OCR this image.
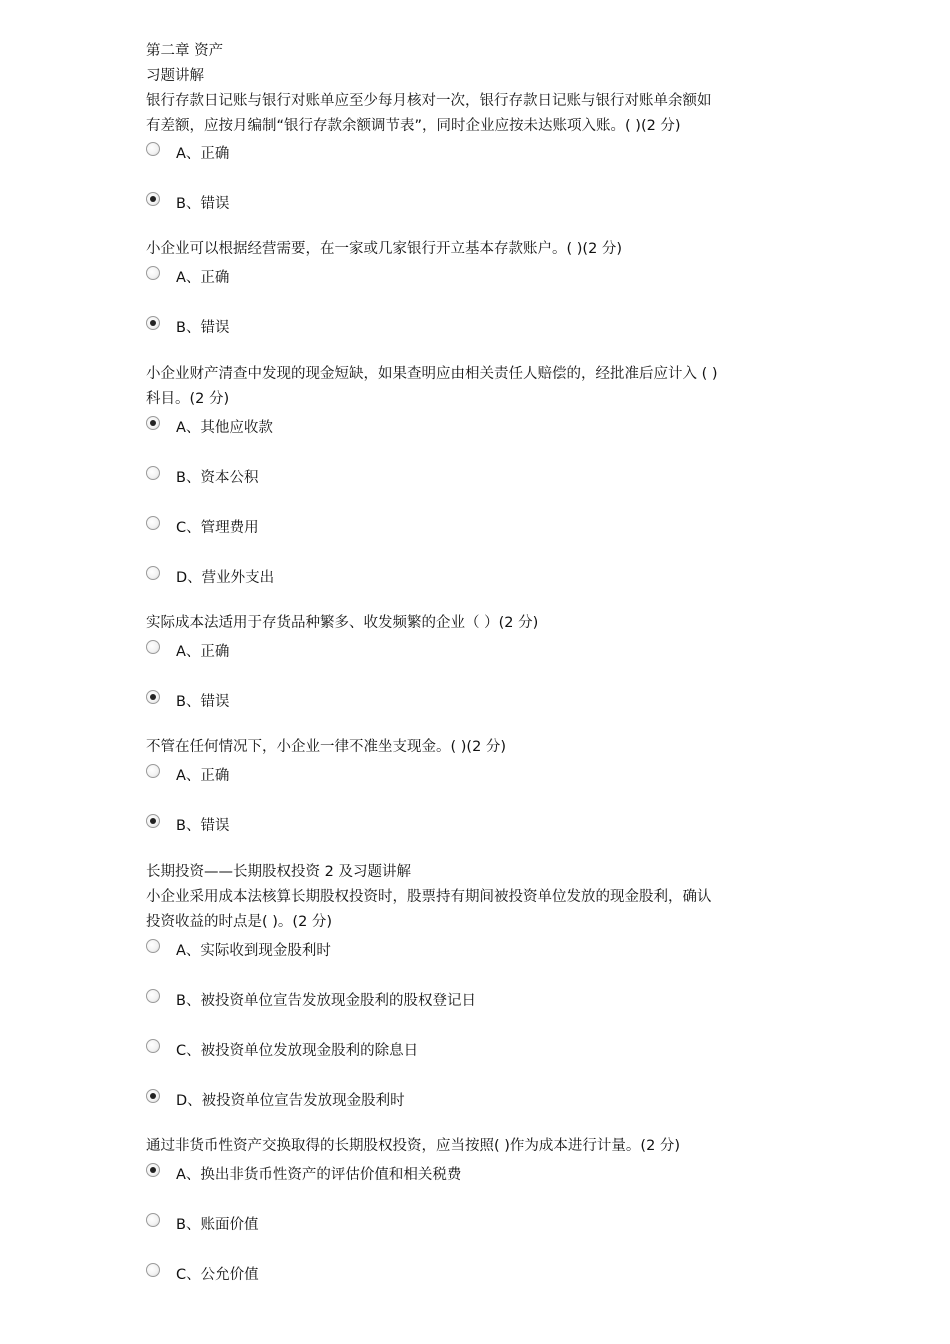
第二章 资产
习题讲解
银行存款日记账与银行对账单应至少每月核对一次，银行存款日记账与银行对账单余额如
有差额，应按月编制“银行存款余额调节表”，同时企业应按未达账项入账。( )(2 分)
A、正确
B、错误
小企业可以根据经营需要，在一家或几家银行开立基本存款账户。( )(2 分)
A、正确
B、错误
小企业财产清查中发现的现金短缺，如果查明应由相关责任人赔偿的，经批准后应计入 ( )
科目。(2 分)
A、其他应收款
B、资本公积
C、管理费用
D、营业外支出
实际成本法适用于存货品种繁多、收发频繁的企业（ ）(2 分)
A、正确
B、错误
不管在任何情况下，小企业一律不准坐支现金。( )(2 分)
A、正确
B、错误
长期投资——长期股权投资 2 及习题讲解
小企业采用成本法核算长期股权投资时，股票持有期间被投资单位发放的现金股利，确认
投资收益的时点是( )。(2 分)
A、实际收到现金股利时
B、被投资单位宣告发放现金股利的股权登记日
C、被投资单位发放现金股利的除息日
D、被投资单位宣告发放现金股利时
通过非货币性资产交换取得的长期股权投资，应当按照( )作为成本进行计量。(2 分)
A、换出非货币性资产的评估价值和相关税费
B、账面价值
C、公允价值
